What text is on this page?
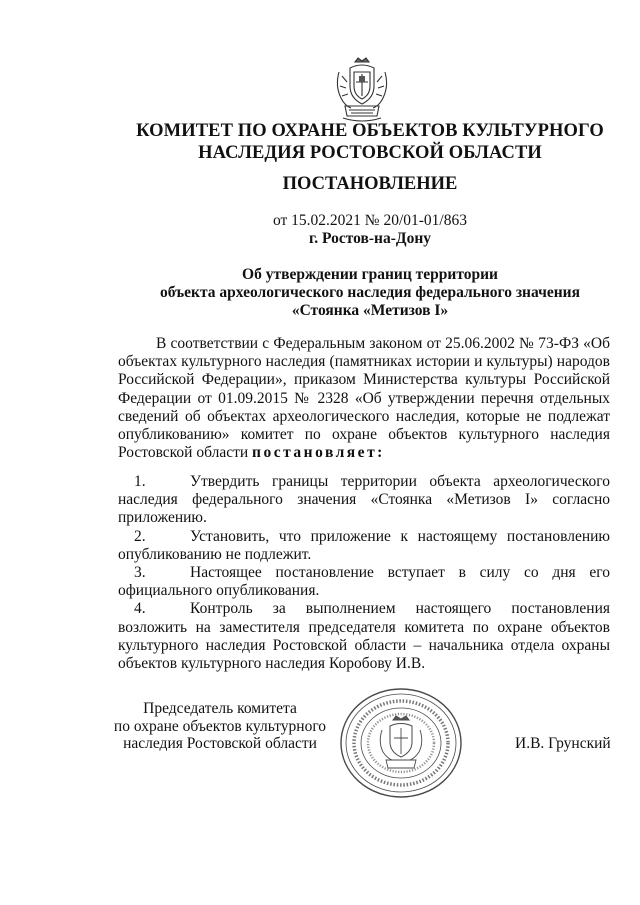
КОМИТЕТ ПО ОХРАНЕ ОБЪЕКТОВ КУЛЬТУРНОГО
НАСЛЕДИЯ РОСТОВСКОЙ ОБЛАСТИ
ПОСТАНОВЛЕНИЕ
от 15.02.2021 № 20/01-01/863
г. Ростов-на-Дону
Об утверждении границ территории
объекта археологического наследия федерального значения
«Стоянка «Метизов I»
В соответствии с Федеральным законом от 25.06.2002 № 73-ФЗ «Об объектах культурного наследия (памятниках истории и культуры) народов Российской Федерации», приказом Министерства культуры Российской Федерации от 01.09.2015 № 2328 «Об утверждении перечня отдельных сведений об объектах археологического наследия, которые не подлежат опубликованию» комитет по охране объектов культурного наследия Ростовской области постановляет:

1.	Утвердить границы территории объекта археологического наследия федерального значения «Стоянка «Метизов I» согласно приложению.

2.	Установить, что приложение к настоящему постановлению опубликованию не подлежит.

3.	Настоящее постановление вступает в силу со дня его официального опубликования.

4.	Контроль за выполнением настоящего постановления возложить на заместителя председателя комитета по охране объектов культурного наследия Ростовской области – начальника отдела охраны объектов культурного наследия Коробову И.В.

Председатель комитета
по охране объектов культурного
наследия Ростовской области	И.В. Грунский
